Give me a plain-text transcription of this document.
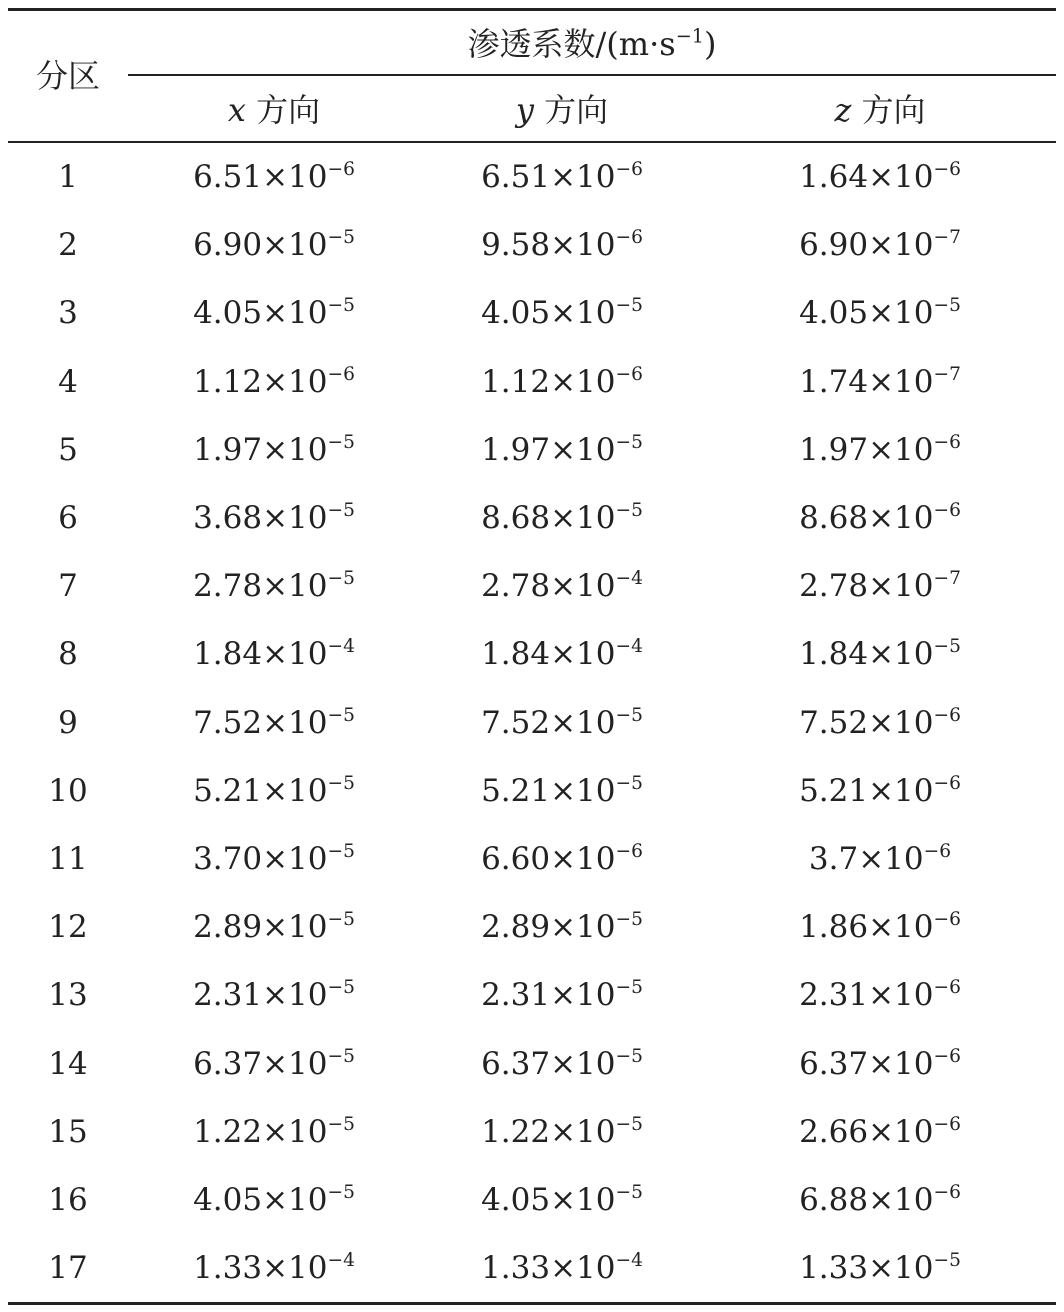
分区
渗透系数$/(m\cdot s^{-1})$
x 方向	y 方向	z 方向
1	$6.51\times 10^{-6}$	$6.51\times 10^{-6}$	$1.64\times 10^{-6}$
2	$6.90\times 10^{-5}$	$9.58\times 10^{-6}$	$6.90\times 10^{-7}$
3	$4.05\times 10^{-5}$	$4.05\times 10^{-5}$	$4.05\times 10^{-5}$
4	$1.12\times 10^{-6}$	$1.12\times 10^{-6}$	$1.74\times 10^{-7}$
5	$1.97\times 10^{-5}$	$1.97\times 10^{-5}$	$1.97\times 10^{-6}$
6	$3.68\times 10^{-5}$	$8.68\times 10^{-5}$	$8.68\times 10^{-6}$
7	$2.78\times 10^{-5}$	$2.78\times 10^{-4}$	$2.78\times 10^{-7}$
8	$1.84\times 10^{-4}$	$1.84\times 10^{-4}$	$1.84\times 10^{-5}$
9	$7.52\times 10^{-5}$	$7.52\times 10^{-5}$	$7.52\times 10^{-6}$
10	$5.21\times 10^{-5}$	$5.21\times 10^{-5}$	$5.21\times 10^{-6}$
11	$3.70\times 10^{-5}$	$6.60\times 10^{-6}$	$3.7\times 10^{-6}$
12	$2.89\times 10^{-5}$	$2.89\times 10^{-5}$	$1.86\times 10^{-6}$
13	$2.31\times 10^{-5}$	$2.31\times 10^{-5}$	$2.31\times 10^{-6}$
14	$6.37\times 10^{-5}$	$6.37\times 10^{-5}$	$6.37\times 10^{-6}$
15	$1.22\times 10^{-5}$	$1.22\times 10^{-5}$	$2.66\times 10^{-6}$
16	$4.05\times 10^{-5}$	$4.05\times 10^{-5}$	$6.88\times 10^{-6}$
17	$1.33\times 10^{-4}$	$1.33\times 10^{-4}$	$1.33\times 10^{-5}$
